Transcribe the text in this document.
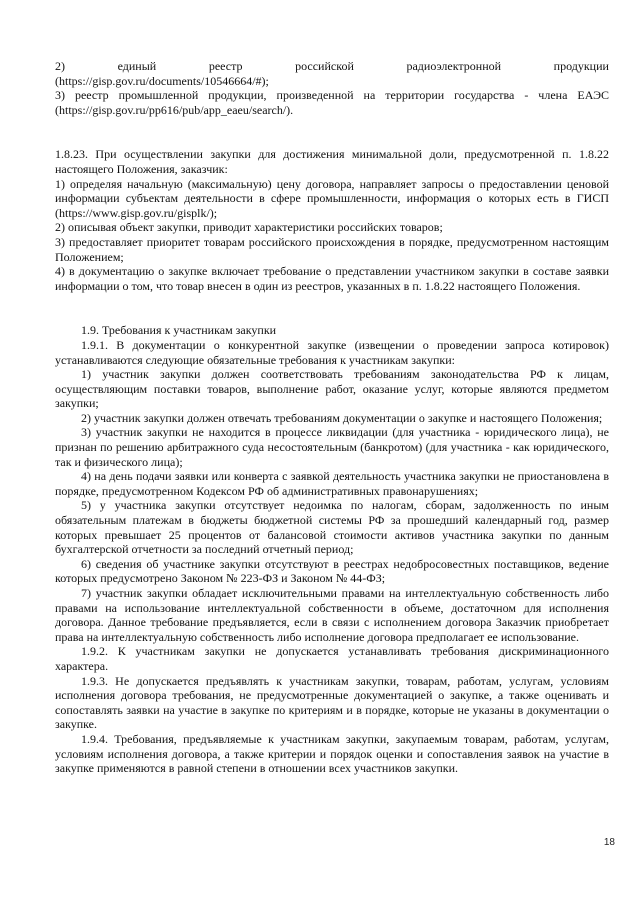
2)	единый	реестр	российской	радиоэлектронной	продукции

(https://gisp.gov.ru/documents/10546664/#);

3) реестр промышленной продукции, произведенной на территории государства - члена ЕАЭС (https://gisp.gov.ru/pp616/pub/app_eaeu/search/).

1.8.23. При осуществлении закупки для достижения минимальной доли, предусмотренной п. 1.8.22 настоящего Положения, заказчик:

1) определяя начальную (максимальную) цену договора, направляет запросы о предоставлении ценовой информации субъектам деятельности в сфере промышленности, информация о которых есть в ГИСП (https://www.gisp.gov.ru/gisplk/);

2) описывая объект закупки, приводит характеристики российских товаров;

3) предоставляет приоритет товарам российского происхождения в порядке, предусмотренном настоящим Положением;

4) в документацию о закупке включает требование о представлении участником закупки в составе заявки информации о том, что товар внесен в один из реестров, указанных в п. 1.8.22 настоящего Положения.

1.9. Требования к участникам закупки

1.9.1. В документации о конкурентной закупке (извещении о проведении запроса котировок) устанавливаются следующие обязательные требования к участникам закупки:

1) участник закупки должен соответствовать требованиям законодательства РФ к лицам, осуществляющим поставки товаров, выполнение работ, оказание услуг, которые являются предметом закупки;

2) участник закупки должен отвечать требованиям документации о закупке и настоящего Положения;

3) участник закупки не находится в процессе ликвидации (для участника - юридического лица), не признан по решению арбитражного суда несостоятельным (банкротом) (для участника - как юридического, так и физического лица);

4) на день подачи заявки или конверта с заявкой деятельность участника закупки не приостановлена в порядке, предусмотренном Кодексом РФ об административных правонарушениях;

5) у участника закупки отсутствует недоимка по налогам, сборам, задолженность по иным обязательным платежам в бюджеты бюджетной системы РФ за прошедший календарный год, размер которых превышает 25 процентов от балансовой стоимости активов участника закупки по данным бухгалтерской отчетности за последний отчетный период;

6) сведения об участнике закупки отсутствуют в реестрах недобросовестных поставщиков, ведение которых предусмотрено Законом № 223-ФЗ и Законом № 44-ФЗ;

7) участник закупки обладает исключительными правами на интеллектуальную собственность либо правами на использование интеллектуальной собственности в объеме, достаточном для исполнения договора. Данное требование предъявляется, если в связи с исполнением договора Заказчик приобретает права на интеллектуальную собственность либо исполнение договора предполагает ее использование.

1.9.2. К участникам закупки не допускается устанавливать требования дискриминационного характера.

1.9.3. Не допускается предъявлять к участникам закупки, товарам, работам, услугам, условиям исполнения договора требования, не предусмотренные документацией о закупке, а также оценивать и сопоставлять заявки на участие в закупке по критериям и в порядке, которые не указаны в документации о закупке.

1.9.4. Требования, предъявляемые к участникам закупки, закупаемым товарам, работам, услугам, условиям исполнения договора, а также критерии и порядок оценки и сопоставления заявок на участие в закупке применяются в равной степени в отношении всех участников закупки.

18
